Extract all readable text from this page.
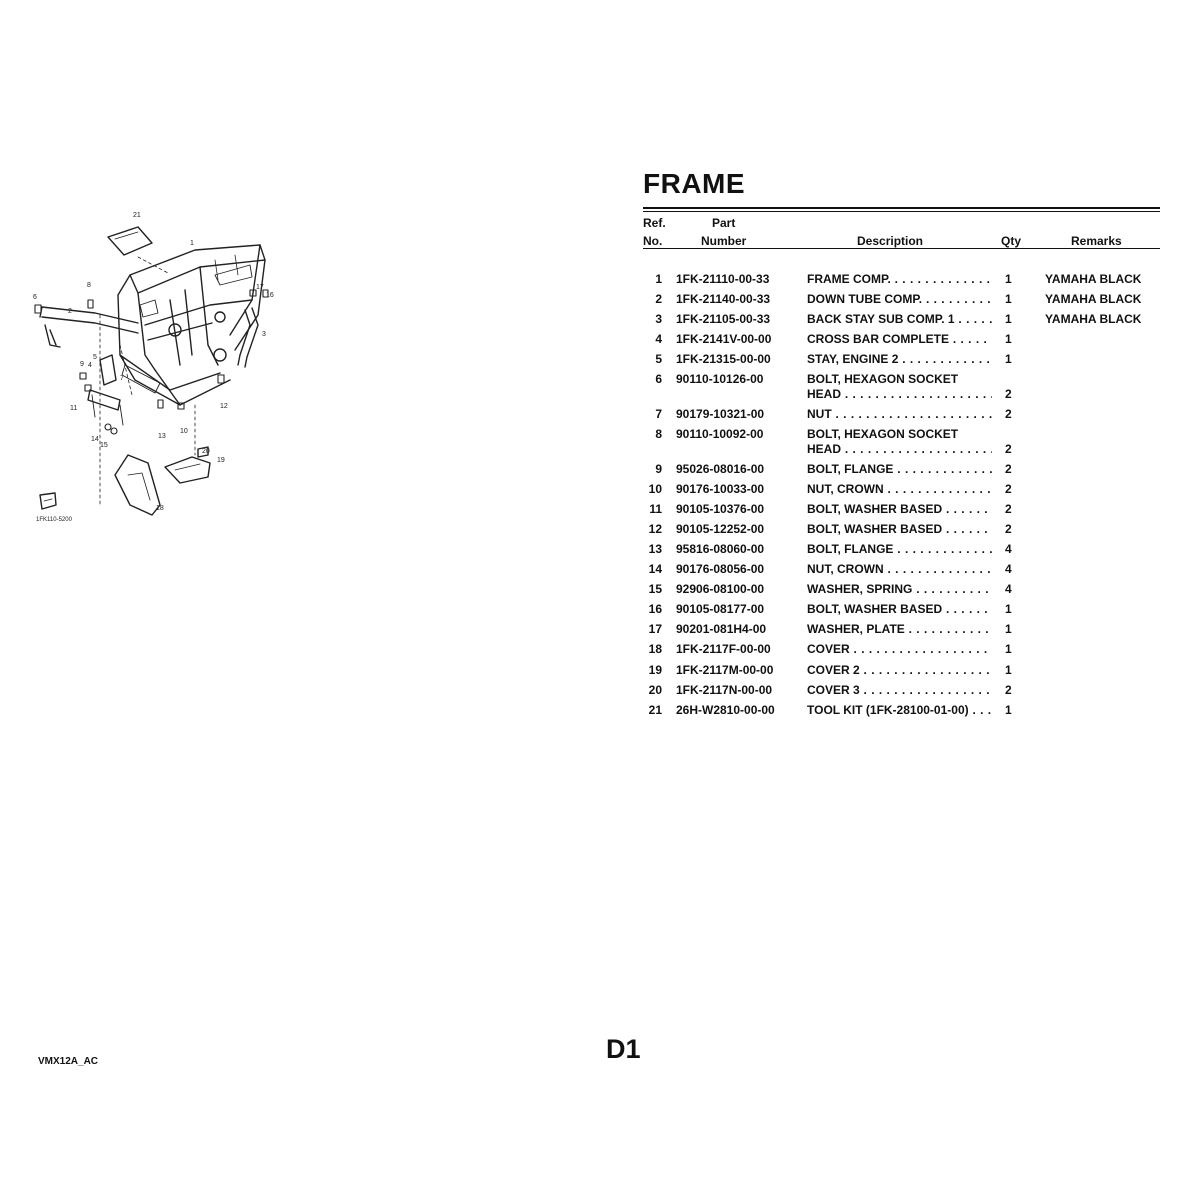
21
1
8	17
16
6
2
3
5
4
9
7
11	12
13
10
14
15
20
19
18
1FK110-5200
FRAME
Ref.
No.
Part
Number	Description	Qty	Remarks
1 1FK-21110-00-33	FRAME COMP. . . .	1	YAMAHA BLACK
2 1FK-21140-00-33	DOWN TUBE COMP. . . .	1	YAMAHA BLACK
3 1FK-21105-00-33	BACK STAY SUB COMP. 1 . . .	1	YAMAHA BLACK
4 1FK-2141V-00-00	CROSS BAR COMPLETE . . .	1
5 1FK-21315-00-00	STAY, ENGINE 2 . . .	1
6 90110-10126-00	BOLT, HEXAGON SOCKET
HEAD . . .	2
7 90179-10321-00	NUT . . .	2
8 90110-10092-00	BOLT, HEXAGON SOCKET
HEAD . . .	2
9 95026-08016-00	BOLT, FLANGE . . .	2
10 90176-10033-00	NUT, CROWN . . .	2
11 90105-10376-00	BOLT, WASHER BASED . . .	2
12 90105-12252-00	BOLT, WASHER BASED . . .	2
13 95816-08060-00	BOLT, FLANGE . . .	4
14 90176-08056-00	NUT, CROWN . . .	4
15 92906-08100-00	WASHER, SPRING . . .	4
16 90105-08177-00	BOLT, WASHER BASED . . .	1
17 90201-081H4-00	WASHER, PLATE . . .	1
18 1FK-2117F-00-00	COVER . . .	1
19 1FK-2117M-00-00	COVER 2 . . .	1
20 1FK-2117N-00-00	COVER 3 . . .	2
21 26H-W2810-00-00	TOOL KIT (1FK-28100-01-00) . . .	1
D1
VMX12A_AC
